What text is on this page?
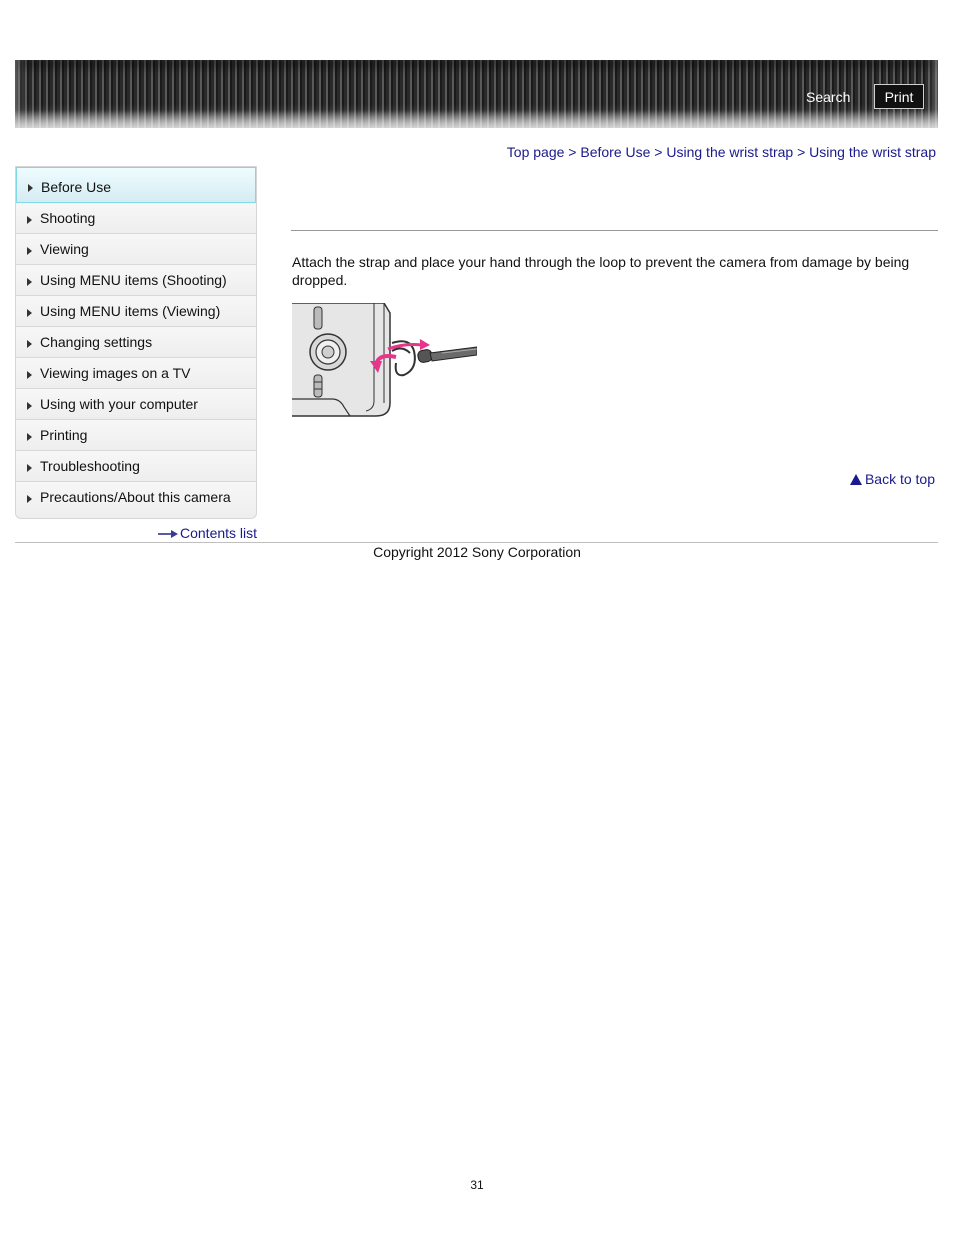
Search	Print
Top page > Before Use > Using the wrist strap > Using the wrist strap
Before Use
Shooting
Viewing
Using MENU items (Shooting)
Using MENU items (Viewing)
Changing settings
Viewing images on a TV
Using with your computer
Printing
Troubleshooting
Precautions/About this camera
Contents list
Attach the strap and place your hand through the loop to prevent the camera from damage by being dropped.
Back to top
Copyright 2012 Sony Corporation
31
